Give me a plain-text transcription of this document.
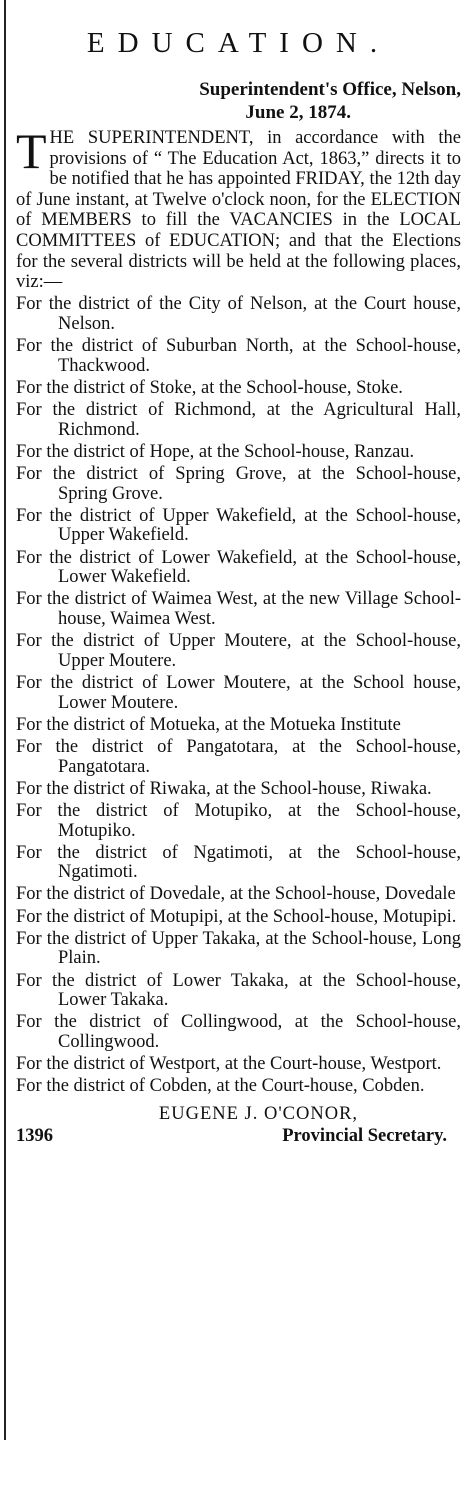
EDUCATION.
Superintendent's Office, Nelson,
June 2, 1874.
THE SUPERINTENDENT, in accordance with the provisions of “ The Education Act, 1863,” directs it to be notified that he has appointed FRIDAY, the 12th day of June instant, at Twelve o'clock noon, for the ELECTION of MEMBERS to fill the VACANCIES in the LOCAL COMMITTEES of EDUCATION; and that the Elections for the several districts will be held at the following places, viz:—
For the district of the City of Nelson, at the Court house, Nelson.
For the district of Suburban North, at the School-house, Thackwood.
For the district of Stoke, at the School-house, Stoke.
For the district of Richmond, at the Agricultural Hall, Richmond.
For the district of Hope, at the School-house, Ranzau.
For the district of Spring Grove, at the School-house, Spring Grove.
For the district of Upper Wakefield, at the School-house, Upper Wakefield.
For the district of Lower Wakefield, at the School-house, Lower Wakefield.
For the district of Waimea West, at the new Village School-house, Waimea West.
For the district of Upper Moutere, at the School-house, Upper Moutere.
For the district of Lower Moutere, at the School house, Lower Moutere.
For the district of Motueka, at the Motueka Institute
For the district of Pangatotara, at the School-house, Pangatotara.
For the district of Riwaka, at the School-house, Riwaka.
For the district of Motupiko, at the School-house, Motupiko.
For the district of Ngatimoti, at the School-house, Ngatimoti.
For the district of Dovedale, at the School-house, Dovedale
For the district of Motupipi, at the School-house, Motupipi.
For the district of Upper Takaka, at the School-house, Long Plain.
For the district of Lower Takaka, at the School-house, Lower Takaka.
For the district of Collingwood, at the School-house, Collingwood.
For the district of Westport, at the Court-house, Westport.
For the district of Cobden, at the Court-house, Cobden.
EUGENE J. O'CONOR,
1396	Provincial Secretary.
